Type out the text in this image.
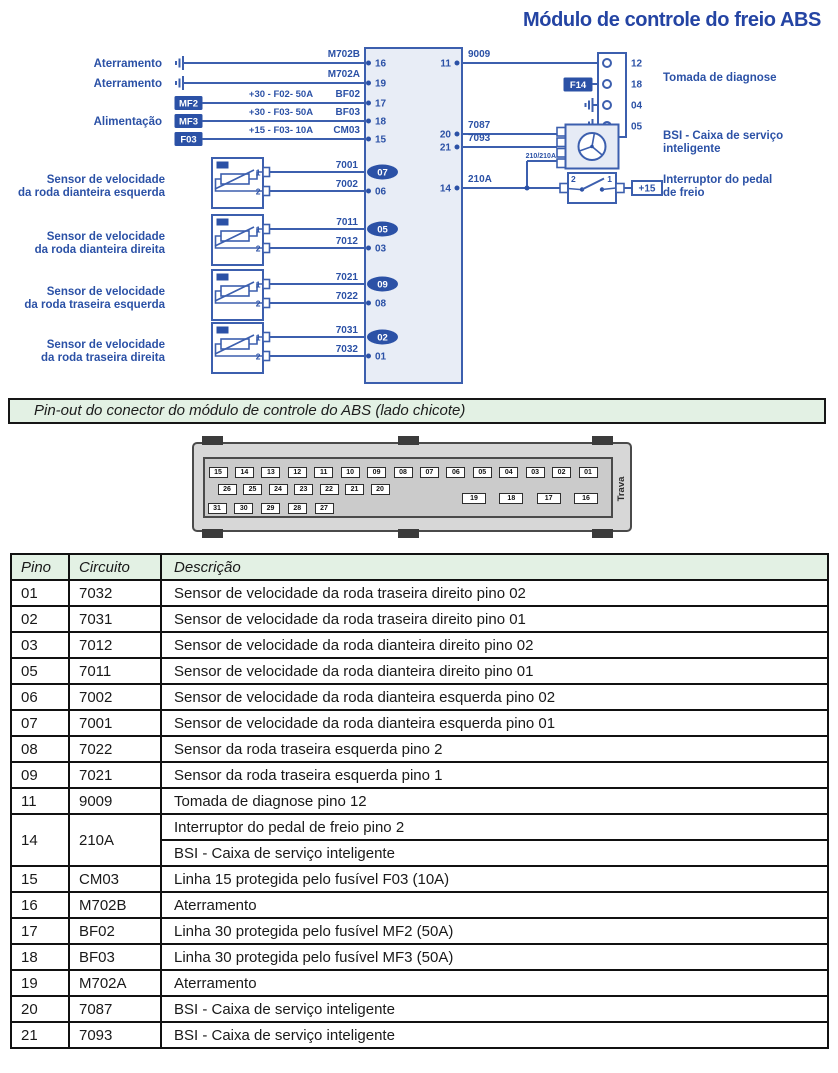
Módulo de controle do freio ABS
Aterramento
M702B
16
Aterramento
M702A
19
Alimentação
MF2
+30 - F02- 50A BF02
17
MF3
+30 - F03- 50A BF03
18
F03
+15 - F03- 10A CM03
15
Sensor de velocidade
da roda dianteira esquerda
1
2
7001
7002
07
06
Sensor de velocidade
da roda dianteira direita
1
2
7011
7012
05
03
Sensor de velocidade
da roda traseira esquerda
1
2
7021
7022
09
08
Sensor de velocidade
da roda traseira direita
1
2
7031
7032
02
01
11
9009
12
18
04
05
F14
Tomada de diagnose
20
7087
21
7093	BSI - Caixa de serviço
inteligente
210/210A
14
210A	2	1
+15
Interruptor do pedal
de freio
Pin-out do conector do módulo de controle do ABS (lado chicote)
15	14	13	12	11	10	09	08	07	06	05	04	03	02	01
26	25	24	23	22	21	20
19	18	17	16
31	30	29	28	27
Trava
Pino	Circuito	Descrição
01	7032	Sensor de velocidade da roda traseira direito pino 02
02	7031	Sensor de velocidade da roda traseira direito pino 01
03	7012	Sensor de velocidade da roda dianteira direito pino 02
05	7011	Sensor de velocidade da roda dianteira direito pino 01
06	7002	Sensor de velocidade da roda dianteira esquerda pino 02
07	7001	Sensor de velocidade da roda dianteira esquerda pino 01
08	7022	Sensor da roda traseira esquerda pino 2
09	7021	Sensor da roda traseira esquerda pino 1
11	9009	Tomada de diagnose pino 12
14	210A	Interruptor do pedal de freio pino 2
		BSI - Caixa de serviço inteligente
15	CM03	Linha 15 protegida pelo fusível F03 (10A)
16	M702B	Aterramento
17	BF02	Linha 30 protegida pelo fusível MF2 (50A)
18	BF03	Linha 30 protegida pelo fusível MF3 (50A)
19	M702A	Aterramento
20	7087	BSI - Caixa de serviço inteligente
21	7093	BSI - Caixa de serviço inteligente
